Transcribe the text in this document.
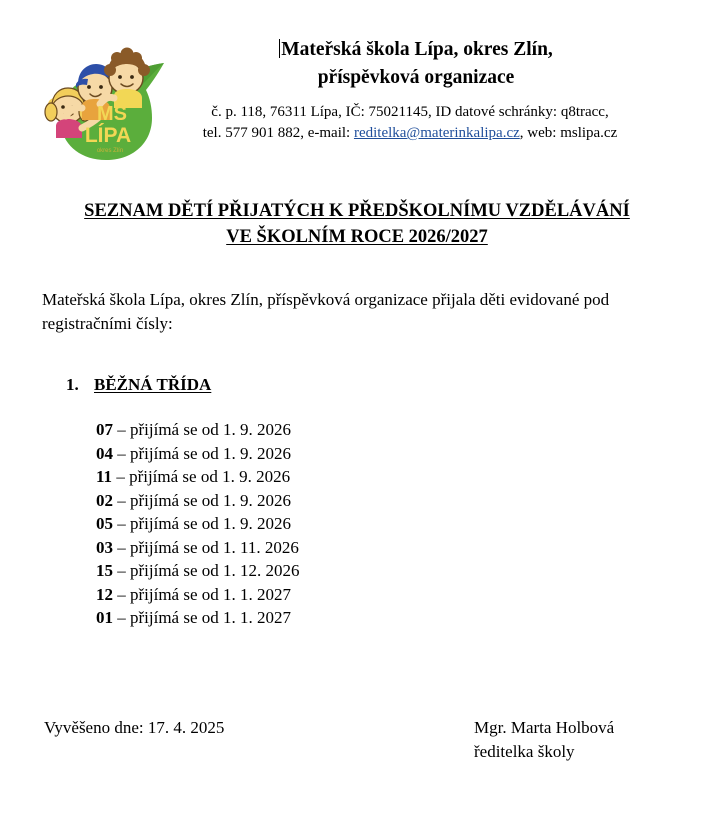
MŠ
LÍPA
okres Zlín
Mateřská škola Lípa, okres Zlín,
příspěvková organizace
č. p. 118, 76311 Lípa, IČ: 75021145, ID datové schránky: q8tracc,
tel. 577 901 882, e-mail: reditelka@materinkalipa.cz, web: mslipa.cz
SEZNAM DĚTÍ PŘIJATÝCH K PŘEDŠKOLNÍMU VZDĚLÁVÁNÍ
VE ŠKOLNÍM ROCE 2026/2027
Mateřská škola Lípa, okres Zlín, příspěvková organizace přijala děti evidované pod registračními čísly:
1. BĚŽNÁ TŘÍDA
07 – přijímá se od 1. 9. 2026
04 – přijímá se od 1. 9. 2026
11 – přijímá se od 1. 9. 2026
02 – přijímá se od 1. 9. 2026
05 – přijímá se od 1. 9. 2026
03 – přijímá se od 1. 11. 2026
15 – přijímá se od 1. 12. 2026
12 – přijímá se od 1. 1. 2027
01 – přijímá se od 1. 1. 2027
Vyvěšeno dne: 17. 4. 2025	Mgr. Marta Holbová
ředitelka školy
